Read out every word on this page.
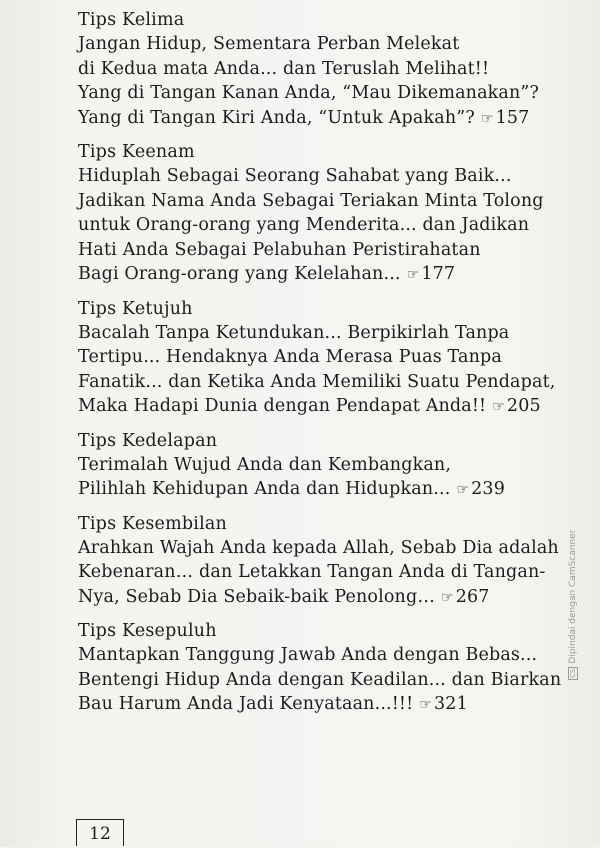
Tips Kelima

Jangan Hidup, Sementara Perban Melekat

di Kedua mata Anda... dan Teruslah Melihat!!

Yang di Tangan Kanan Anda, “Mau Dikemanakan”?

Yang di Tangan Kiri Anda, “Untuk Apakah”? ☞ 157

Tips Keenam

Hiduplah Sebagai Seorang Sahabat yang Baik...

Jadikan Nama Anda Sebagai Teriakan Minta Tolong

untuk Orang-orang yang Menderita... dan Jadikan

Hati Anda Sebagai Pelabuhan Peristirahatan

Bagi Orang-orang yang Kelelahan... ☞ 177

Tips Ketujuh

Bacalah Tanpa Ketundukan... Berpikirlah Tanpa

Tertipu... Hendaknya Anda Merasa Puas Tanpa

Fanatik... dan Ketika Anda Memiliki Suatu Pendapat,

Maka Hadapi Dunia dengan Pendapat Anda!! ☞ 205

Tips Kedelapan

Terimalah Wujud Anda dan Kembangkan,

Pilihlah Kehidupan Anda dan Hidupkan... ☞ 239

Tips Kesembilan

Arahkan Wajah Anda kepada Allah, Sebab Dia adalah

Kebenaran… dan Letakkan Tangan Anda di Tangan-

Nya, Sebab Dia Sebaik-baik Penolong… ☞ 267

Tips Kesepuluh

Mantapkan Tanggung Jawab Anda dengan Bebas...

Bentengi Hidup Anda dengan Keadilan... dan Biarkan

Bau Harum Anda Jadi Kenyataan...!!! ☞ 321

12
CSDipindai dengan CamScanner
